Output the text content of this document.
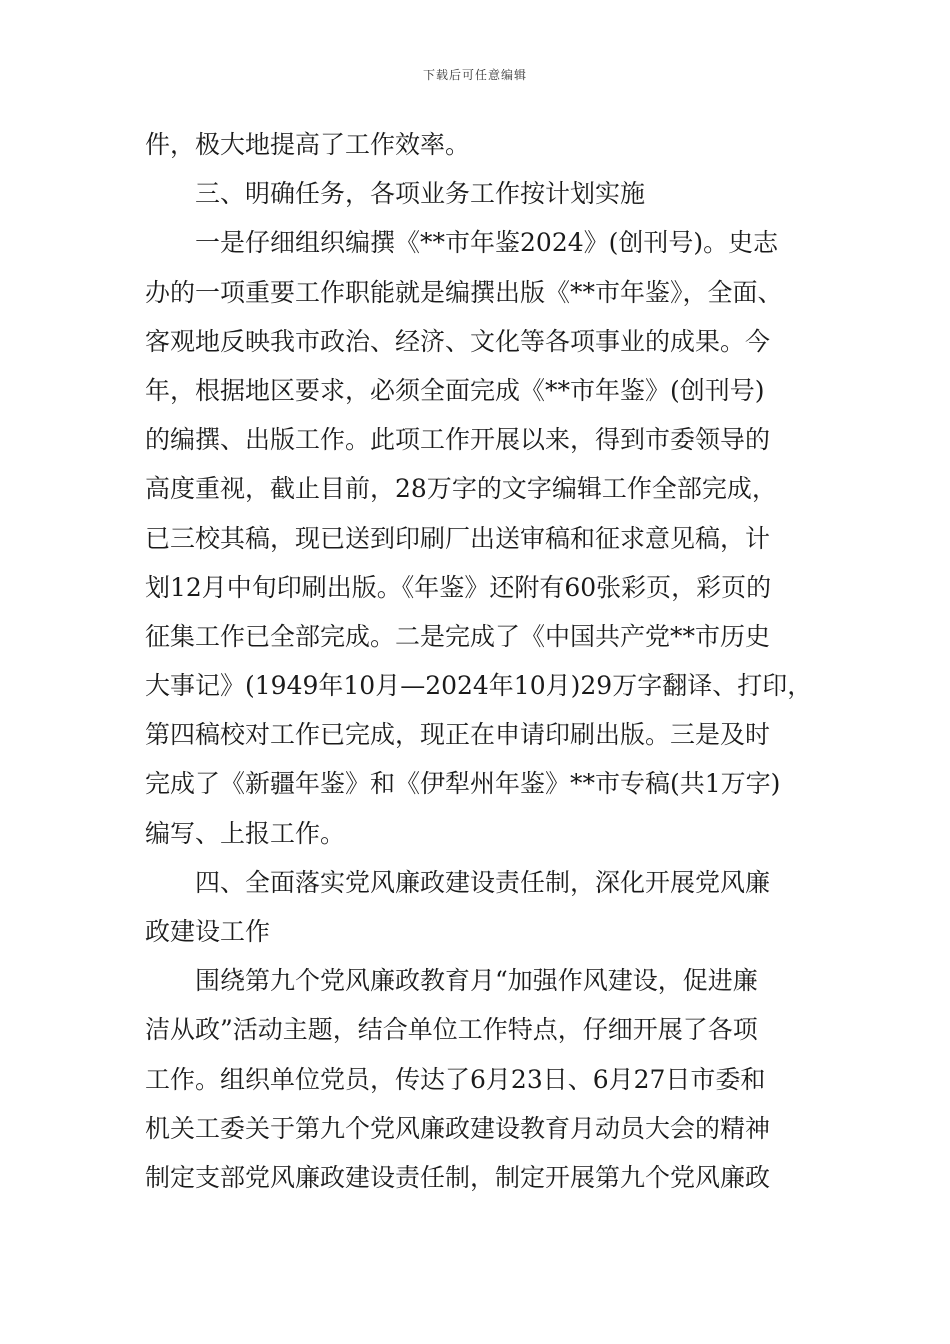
下载后可任意编辑
件，极大地提高了工作效率。
三、明确任务，各项业务工作按计划实施
一是仔细组织编撰《**市年鉴2024》(创刊号)。史志
办的一项重要工作职能就是编撰出版《**市年鉴》，全面、
客观地反映我市政治、经济、文化等各项事业的成果。今
年，根据地区要求，必须全面完成《**市年鉴》(创刊号)
的编撰、出版工作。此项工作开展以来，得到市委领导的
高度重视，截止目前，28万字的文字编辑工作全部完成，
已三校其稿，现已送到印刷厂出送审稿和征求意见稿，计
划12月中旬印刷出版。《年鉴》还附有60张彩页，彩页的
征集工作已全部完成。二是完成了《中国共产党**市历史
大事记》(1949年10月—2024年10月)29万字翻译、打印，
第四稿校对工作已完成，现正在申请印刷出版。三是及时
完成了《新疆年鉴》和《伊犁州年鉴》**市专稿(共1万字)
编写、上报工作。
四、全面落实党风廉政建设责任制，深化开展党风廉
政建设工作
围绕第九个党风廉政教育月“加强作风建设，促进廉
洁从政”活动主题，结合单位工作特点，仔细开展了各项
工作。组织单位党员，传达了6月23日、6月27日市委和
机关工委关于第九个党风廉政建设教育月动员大会的精神
制定支部党风廉政建设责任制，制定开展第九个党风廉政
